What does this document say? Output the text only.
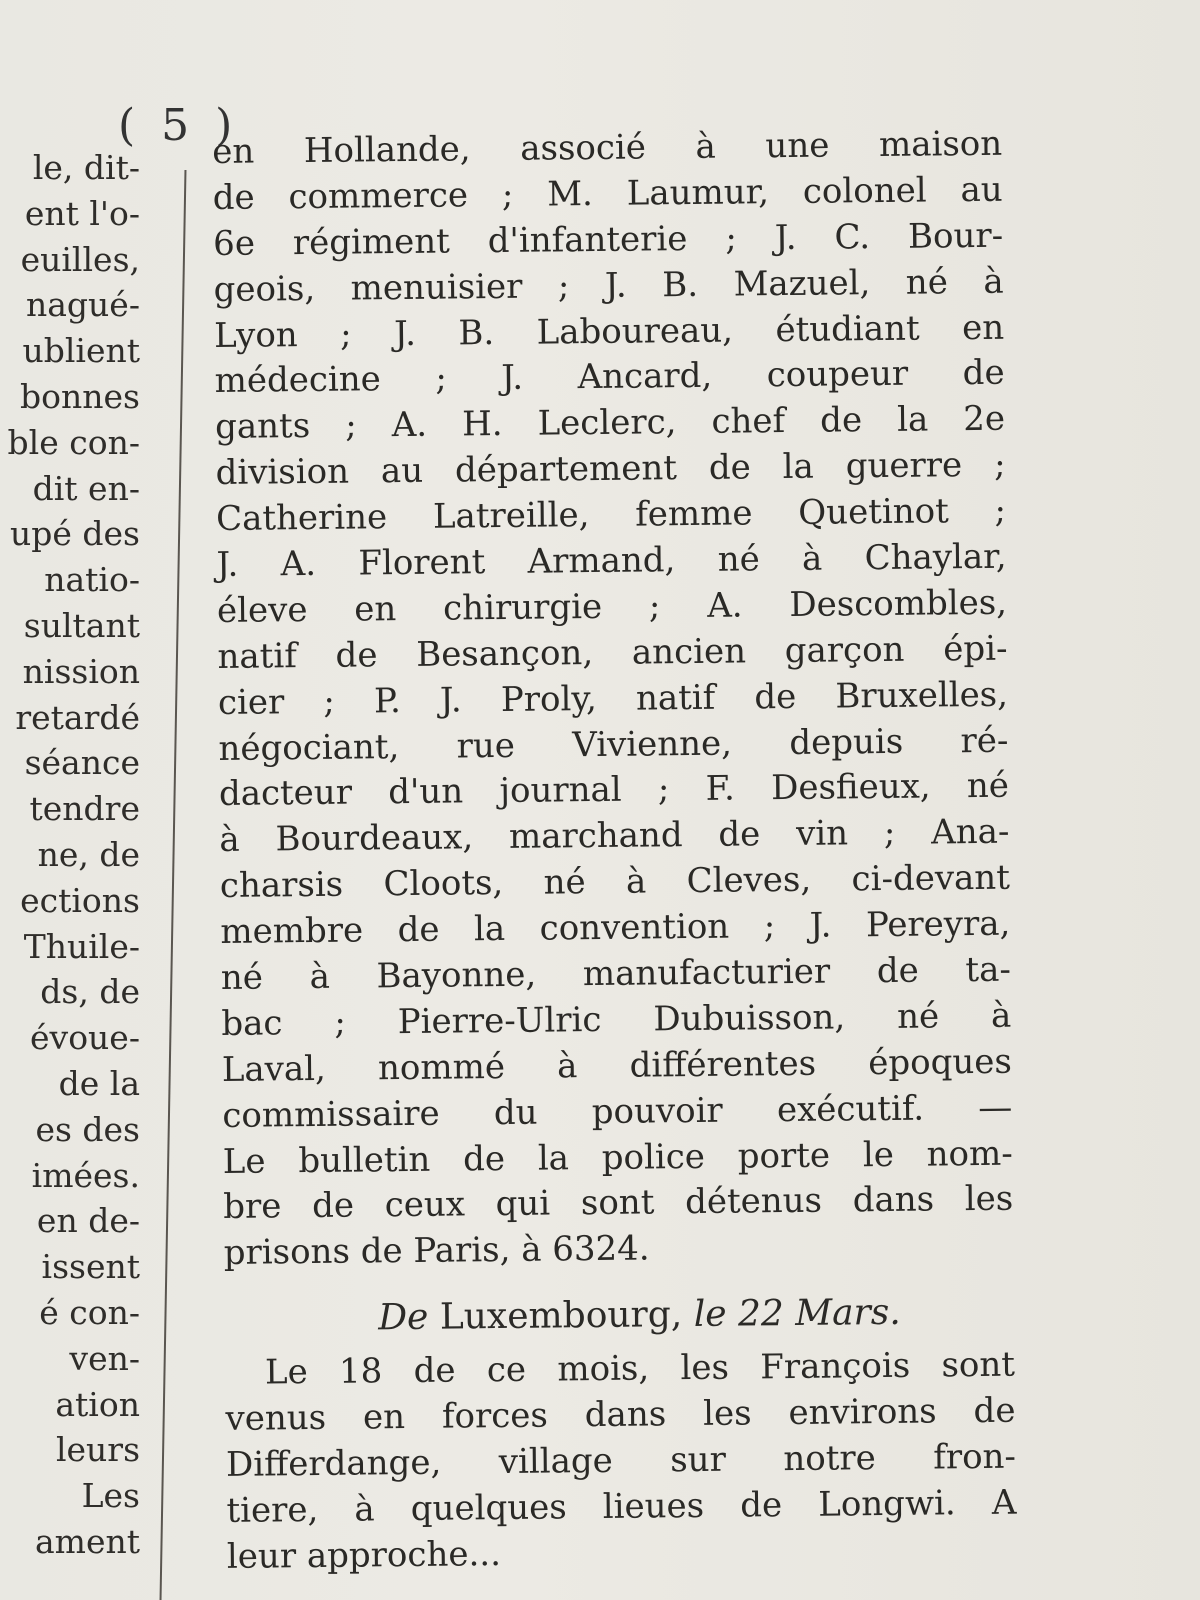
( 5 )
le, dit-
ent l'o-
euilles,
nagué-
ublient
bonnes
ble con-
dit en-
upé des
natio-
sultant
nission
retardé
séance
tendre
ne, de
ections
Thuile-
ds, de
évoue-
de la
es des
imées.
en de-
issent
é con-
ven-
ation
leurs
Les
ament
en Hollande, associé à une maison
de commerce ; M. Laumur, colonel au
6e régiment d'infanterie ; J. C. Bour-
geois, menuisier ; J. B. Mazuel, né à
Lyon ; J. B. Laboureau, étudiant en
médecine ; J. Ancard, coupeur de
gants ; A. H. Leclerc, chef de la 2e
division au département de la guerre ;
Catherine Latreille, femme Quetinot ;
J. A. Florent Armand, né à Chaylar,
éleve en chirurgie ; A. Descombles,
natif de Besançon, ancien garçon épi-
cier ; P. J. Proly, natif de Bruxelles,
négociant, rue Vivienne, depuis ré-
dacteur d'un journal ; F. Desfieux, né
à Bourdeaux, marchand de vin ; Ana-
charsis Cloots, né à Cleves, ci-devant
membre de la convention ; J. Pereyra,
né à Bayonne, manufacturier de ta-
bac ; Pierre-Ulric Dubuisson, né à
Laval, nommé à différentes époques
commissaire du pouvoir exécutif. —
Le bulletin de la police porte le nom-
bre de ceux qui sont détenus dans les
prisons de Paris, à 6324.
De Luxembourg, le 22 Mars.
Le 18 de ce mois, les François sont
venus en forces dans les environs de
Differdange, village sur notre fron-
tiere, à quelques lieues de Longwi. A
leur approche...
